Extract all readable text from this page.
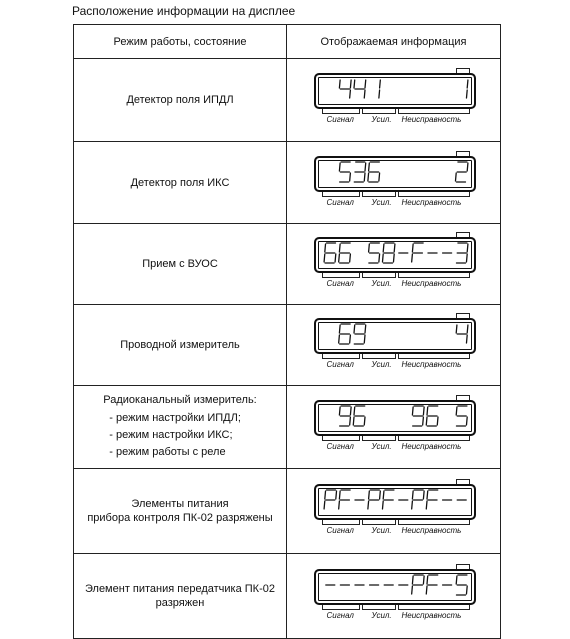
Расположение информации на дисплее
Режим работы, состояние	Отображаемая информация
Детектор поля ИПДЛ	Сигнал Усил. Неисправность

Детектор поля ИКС	Сигнал Усил. Неисправность

Прием с ВУОС	Сигнал Усил. Неисправность

Проводной измеритель	Сигнал Усил. Неисправность

Радиоканальный измеритель:
- режим настройки ИПДЛ;
- режим настройки ИКС;
- режим работы с реле	Сигнал Усил. Неисправность

Элементы питания
прибора контроля ПК-02 разряжены	Сигнал Усил. Неисправность

Элемент питания передатчика ПК-02
разряжен	Сигнал Усил. Неисправность
